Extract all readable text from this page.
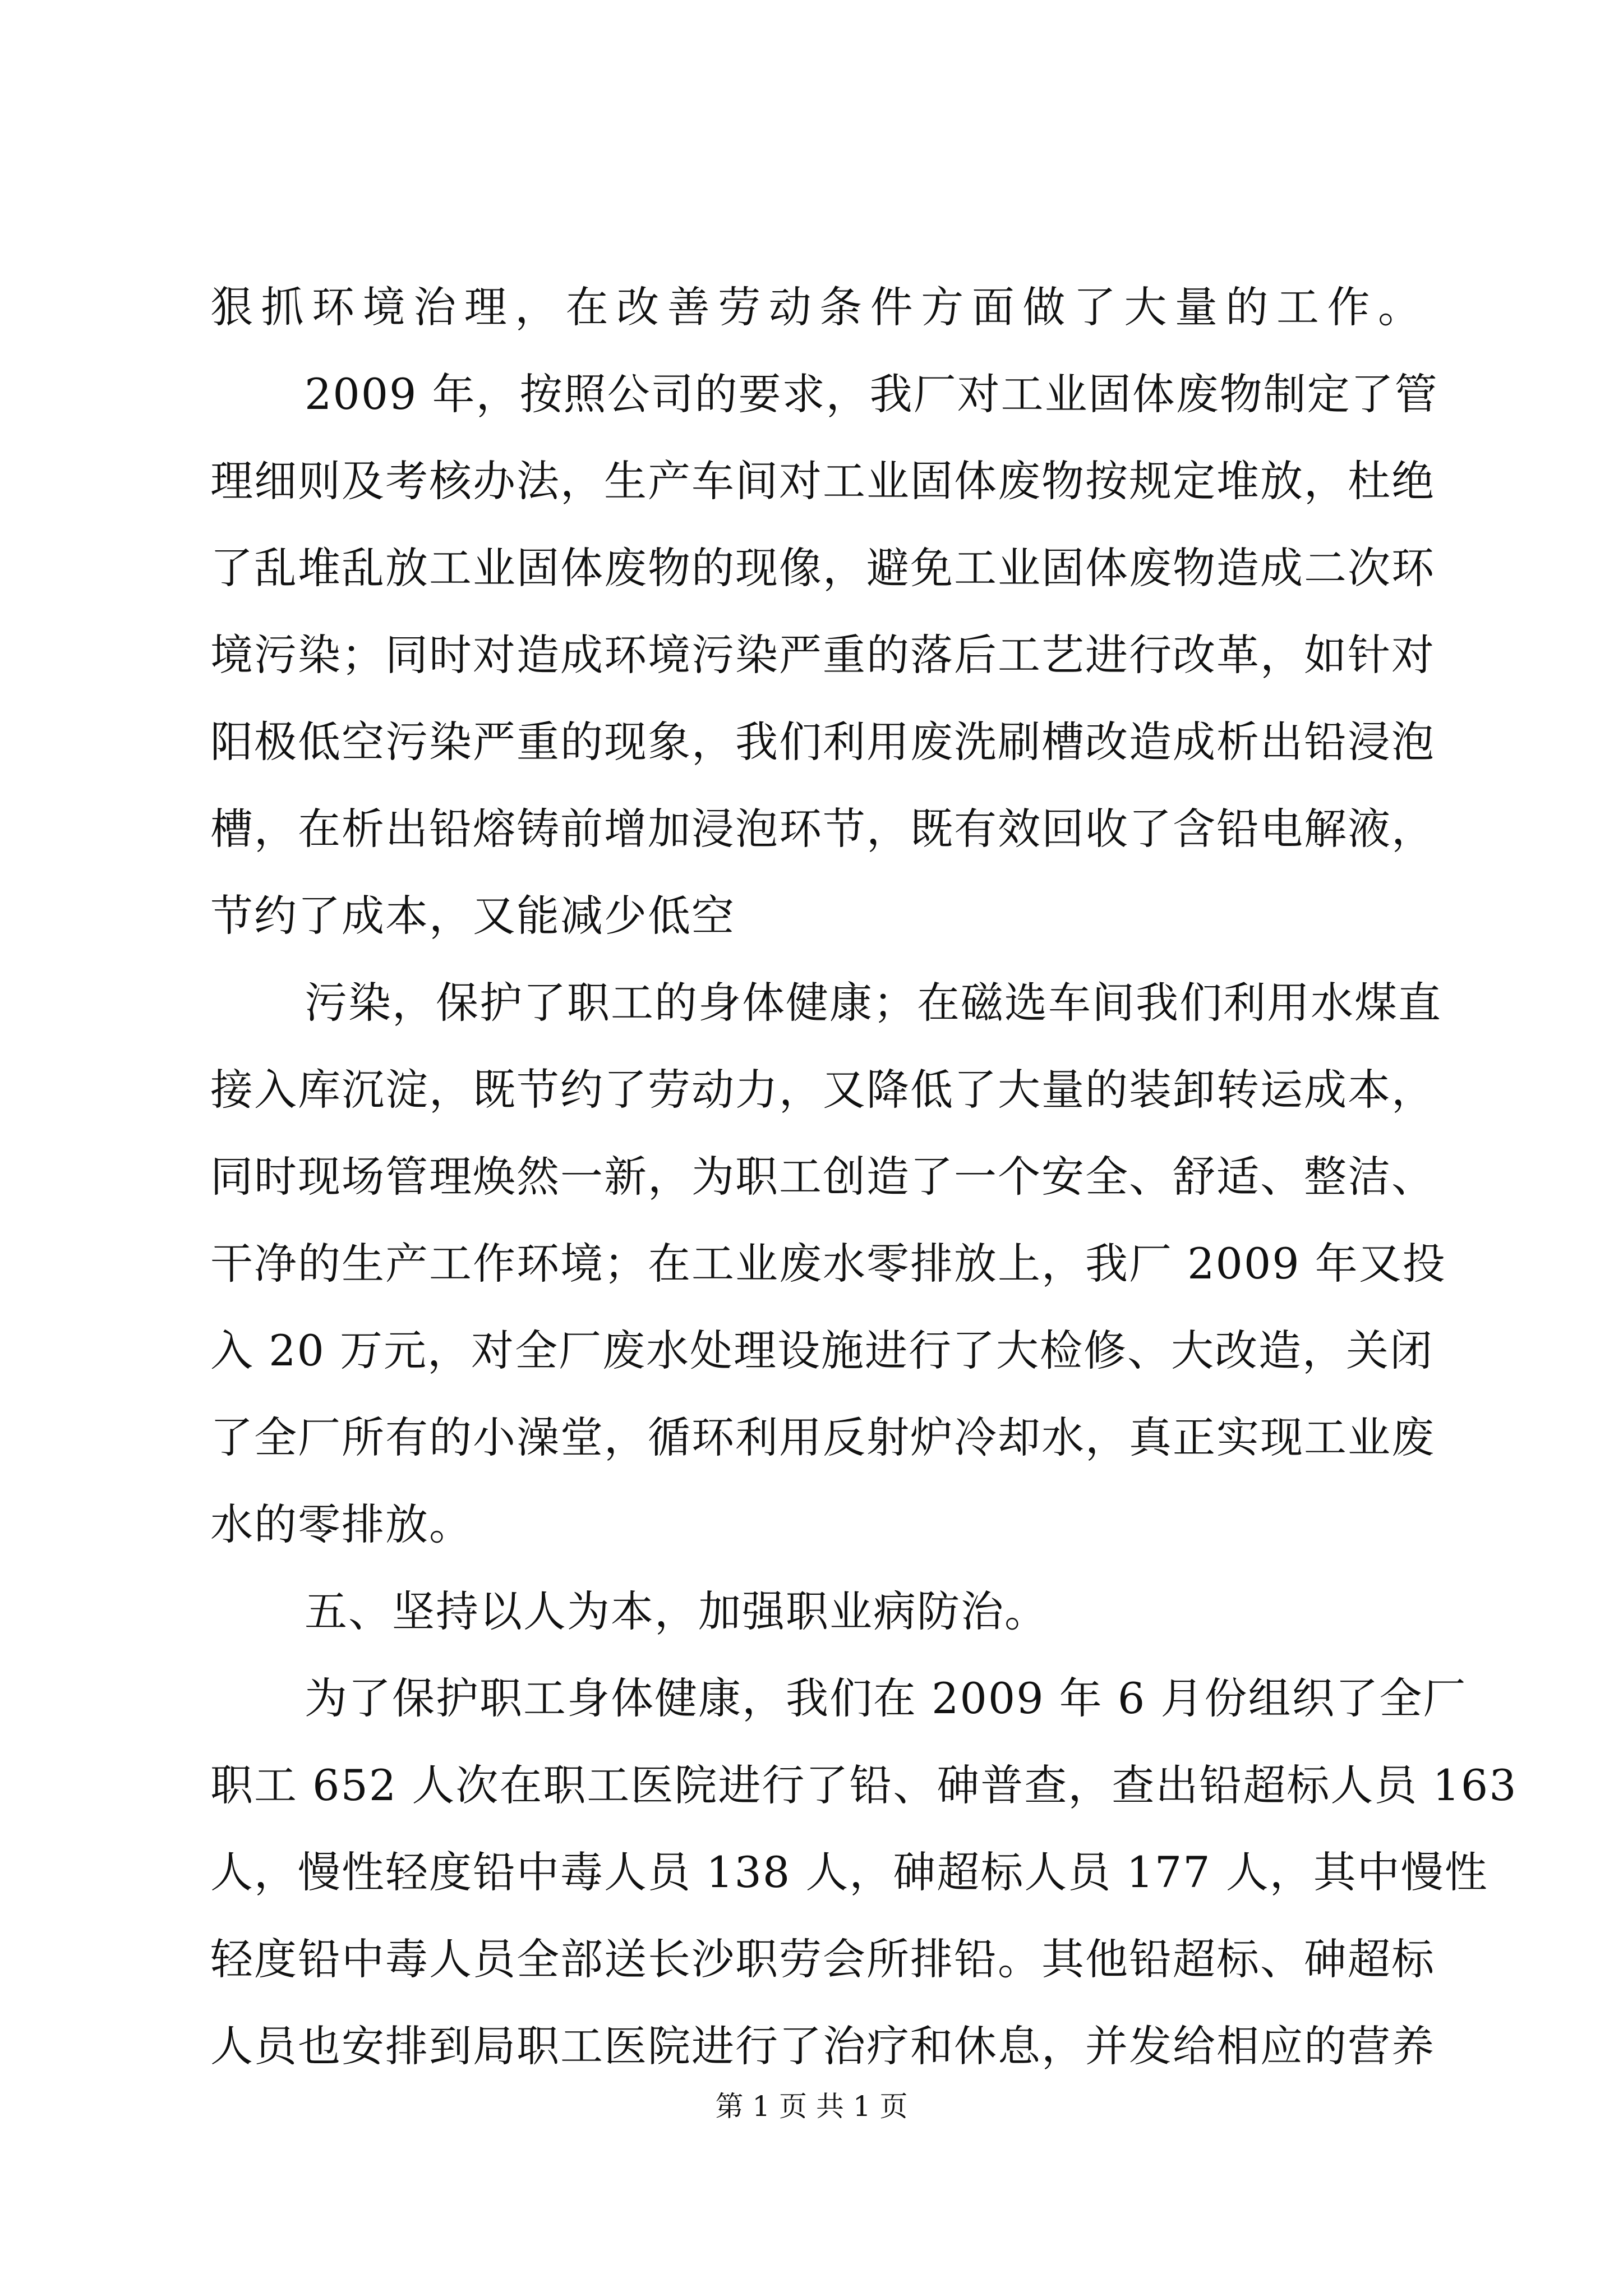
狠抓环境治理，在改善劳动条件方面做了大量的工作。
2009 年，按照公司的要求，我厂对工业固体废物制定了管
理细则及考核办法，生产车间对工业固体废物按规定堆放，杜绝
了乱堆乱放工业固体废物的现像，避免工业固体废物造成二次环
境污染；同时对造成环境污染严重的落后工艺进行改革，如针对
阳极低空污染严重的现象，我们利用废洗刷槽改造成析出铅浸泡
槽，在析出铅熔铸前增加浸泡环节，既有效回收了含铅电解液，
节约了成本，又能减少低空
污染，保护了职工的身体健康；在磁选车间我们利用水煤直
接入库沉淀，既节约了劳动力，又降低了大量的装卸转运成本，
同时现场管理焕然一新，为职工创造了一个安全、舒适、整洁、
干净的生产工作环境；在工业废水零排放上，我厂 2009 年又投
入 20 万元，对全厂废水处理设施进行了大检修、大改造，关闭
了全厂所有的小澡堂，循环利用反射炉冷却水，真正实现工业废
水的零排放。
五、坚持以人为本，加强职业病防治。
为了保护职工身体健康，我们在 2009 年 6 月份组织了全厂
职工 652 人次在职工医院进行了铅、砷普查，查出铅超标人员 163
人，慢性轻度铅中毒人员 138 人，砷超标人员 177 人，其中慢性
轻度铅中毒人员全部送长沙职劳会所排铅。其他铅超标、砷超标
人员也安排到局职工医院进行了治疗和休息，并发给相应的营养
第 1 页 共 1 页
